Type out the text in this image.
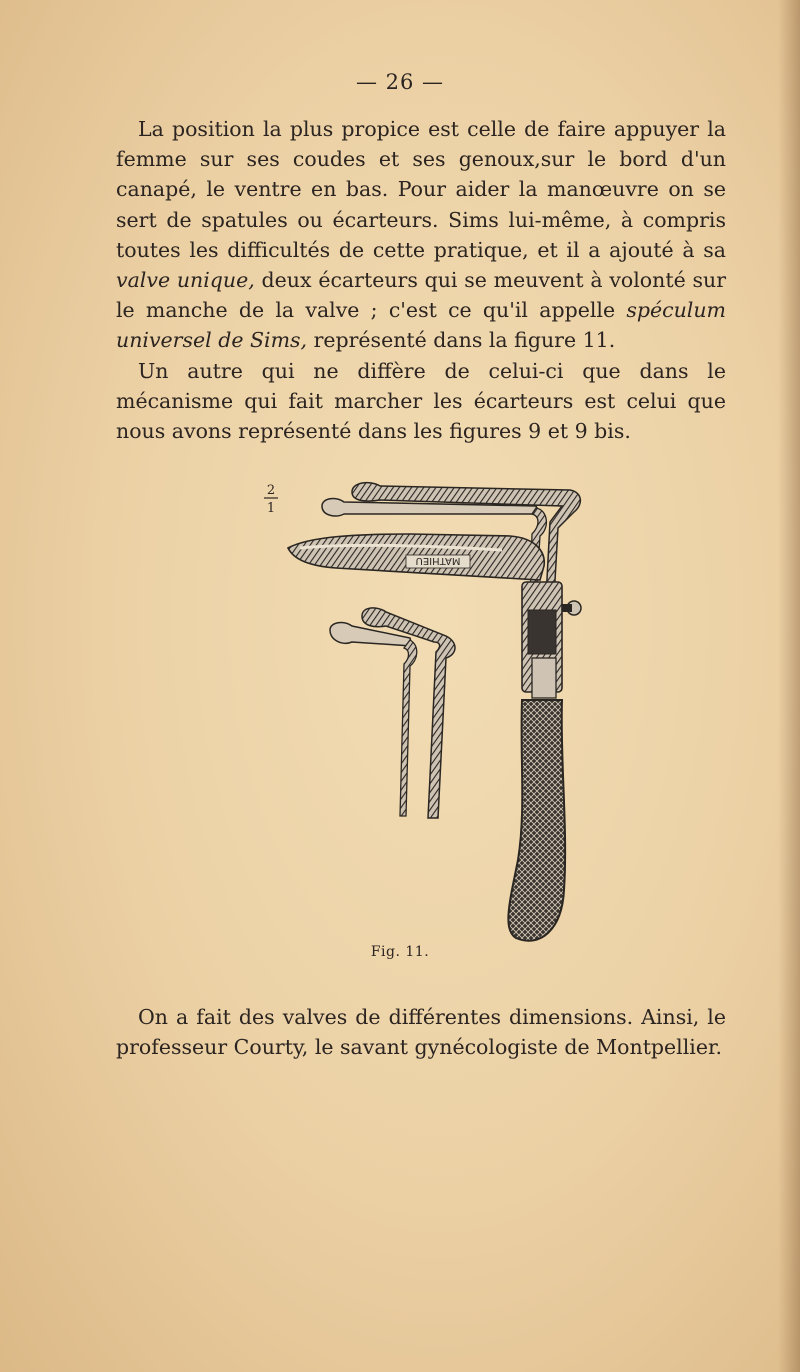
— 26 —

La position la plus propice est celle de faire appuyer la femme sur ses coudes et ses genoux,sur le bord d'un canapé, le ventre en bas. Pour aider la manœuvre on se sert de spatules ou écarteurs. Sims lui-même, à compris toutes les difficultés de cette pratique, et il a ajouté à sa valve unique, deux écarteurs qui se meuvent à volonté sur le manche de la valve ; c'est ce qu'il appelle spéculum universel de Sims, représenté dans la figure 11.

Un autre qui ne diffère de celui-ci que dans le mécanisme qui fait marcher les écarteurs est celui que nous avons représenté dans les figures 9 et 9 bis.

2
1
MATHIEU
Fig. 11.

On a fait des valves de différentes dimensions. Ainsi, le professeur Courty, le savant gynécologiste de Montpellier.
